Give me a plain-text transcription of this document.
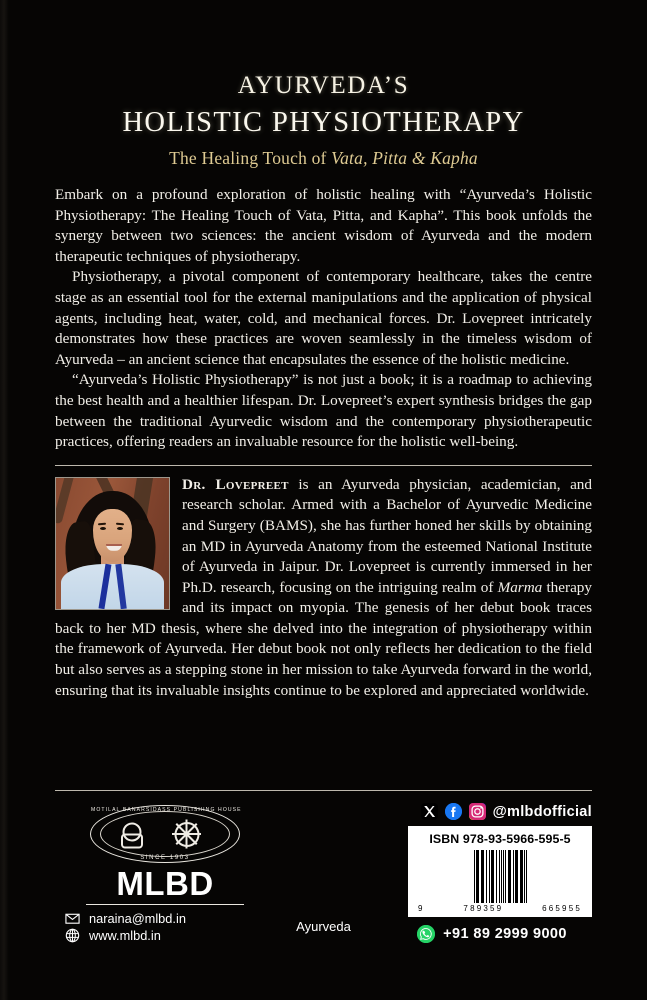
AYURVEDA’S
HOLISTIC PHYSIOTHERAPY
The Healing Touch of Vata, Pitta & Kapha

Embark on a profound exploration of holistic healing with “Ayurveda’s Holistic Physiotherapy: The Healing Touch of Vata, Pitta, and Kapha”. This book unfolds the synergy between two sciences: the ancient wisdom of Ayurveda and the modern therapeutic techniques of physiotherapy.

Physiotherapy, a pivotal component of contemporary healthcare, takes the centre stage as an essential tool for the external manipulations and the application of physical agents, including heat, water, cold, and mechanical forces. Dr. Lovepreet intricately demonstrates how these practices are woven seamlessly in the timeless wisdom of Ayurveda – an ancient science that encapsulates the essence of the holistic medicine.

“Ayurveda’s Holistic Physiotherapy” is not just a book; it is a roadmap to achieving the best health and a healthier lifespan. Dr. Lovepreet’s expert synthesis bridges the gap between the traditional Ayurvedic wisdom and the contemporary physiotherapeutic practices, offering readers an invaluable resource for the holistic well-being.

Dr. Lovepreet is an Ayurveda physician, academician, and research scholar. Armed with a Bachelor of Ayurvedic Medicine and Surgery (BAMS), she has further honed her skills by obtaining an MD in Ayurveda Anatomy from the esteemed National Institute of Ayurveda in Jaipur. Dr. Lovepreet is currently immersed in her Ph.D. research, focusing on the intriguing realm of Marma therapy and its impact on myopia. The genesis of her debut book traces back to her MD thesis, where she delved into the integration of physiotherapy within the framework of Ayurveda. Her debut book not only reflects her dedication to the field but also serves as a stepping stone in her mission to take Ayurveda forward in the world, ensuring that its invaluable insights continue to be explored and appreciated worldwide.

MOTILAL BANARSIDASS PUBLISHING HOUSE
SINCE 1903
MLBD
naraina@mlbd.in
www.mlbd.in
@mlbdofficial
ISBN 978-93-5966-595-5
9	789359	665955
+91 89 2999 9000
Ayurveda
